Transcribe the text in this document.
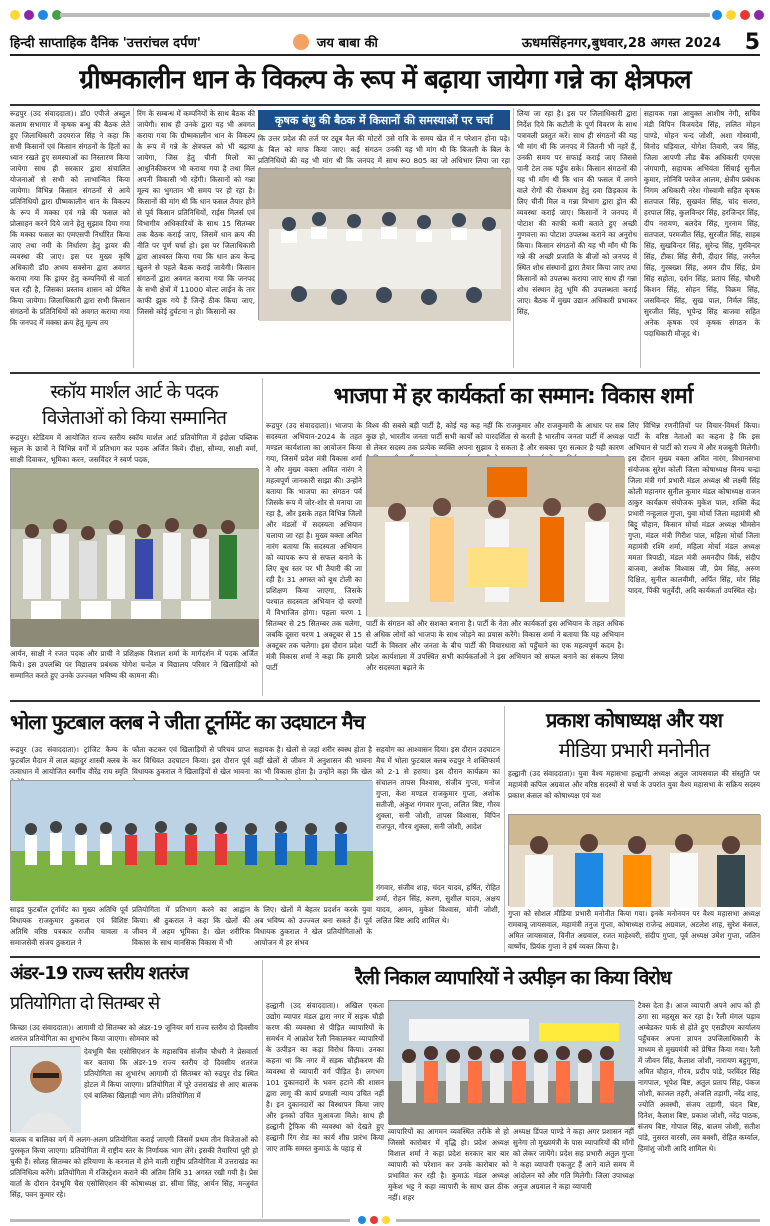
हिन्दी साप्ताहिक दैनिक 'उत्तरांचल दर्पण'	जय बाबा की	ऊधमसिंहनगर,बुधवार,28 अगस्त 2024	5
ग्रीष्मकालीन धान के विकल्प के रूप में बढ़ाया जायेगा गन्ने का क्षेत्रफल
रूद्रपुर (उद संवाददाता)। डॉ0 एपीजे अब्दुल कलाम सभागार में कृषक बन्धु की बैठक लेते हुए जिलाधिकारी उदयराज सिंह ने कहा कि सभी किसानों एवं किसान संगठनों के हितों का ध्यान रखते हुए समस्याओं का निस्तारण किया जायेगा साथ ही सरकार द्वारा संचालित योजनाओं से सभी को लाभान्वित किया जायेगा। विभिन्न किसान संगठनों से आये प्रतिनिधियों द्वारा ग्रीष्मकालीन धान के विकल्प के रूप में मक्का एवं गन्ने की फसल को प्रोत्साहन करने दिये जाने हेतु सुझाव दिया गया कि मक्का फसल का एमएसपी निर्धारित किया जाए तथा नमी के निर्धारण हेतु ड्रायर की व्यवस्था की जाए। इस पर मुख्य कृषि अधिकारी डॉ0 अभय सक्सेना द्वारा अवगत कराया गया कि ड्रायर हेतु कम्पनियों से वार्ता चल रही है, जिसका प्रस्ताव शासन को प्रेषित किया जायेगा। जिलाधिकारी द्वारा सभी किसान संगठनों के प्रतिनिधियों को अवगत कराया गया कि जनपद में मक्का क्रय हेतु मूल्य तय
रिंग के सम्बन्ध में कम्पनियों के साथ बैठक की जायेगी। साथ ही उनके द्वारा यह भी अवगत कराया गया कि ग्रीष्मकालीन धान के विकल्प के रूप में गन्ने के क्षेत्रफल को भी बढ़ाया जायेगा, जिस हेतु चीनी मिलों का आधुनिकीकरण भी कराया गया है तथा मिल अपनी विकासी भी रहेंगी। किसानों को गन्ना मूल्य का भुगतान भी समय पर हो रहा है। किसानों की मांग थी कि धान फसल तैयार होने से पूर्व किसान प्रतिनिधियों, राईस मिलर्स एवं विभागीय अधिकारियों के साथ 15 सितम्बर तक बैठक कराई जाए, जिसमें धान क्रय की नीति पर पूर्ण चर्चा हो। इस पर जिलाधिकारी द्वारा आश्वस्त किया गया कि धान क्रय केन्द्र खुलने से पहले बैठक कराई जायेगी। किसान संगठनों द्वारा अवगत कराया गया कि जनपद के सभी क्षेत्रों में 11000 वोल्ट लाईन के तार काफी झुक गये हैं जिन्हें ठीक किया जाए, जिससे कोई दुर्घटना न हो। किसानों का
कृषक बंधु की बैठक में किसानों की समस्याओं पर चर्चा
कि उत्तर प्रदेश की तर्ज पर ट्यूब वैल की मोटरों के बिल को माफ किया जाए। कई संगठन प्रतिनिधियों की यह भी मांग थी कि जनपद में
उसे रात्रि के समय खेत में न परेशान होना पड़े। उनकी यह भी मांग थी कि बिजली के बिल के साथ रू0 805 का जो अधिभार लिया जा रहा
लिया जा रहा है। इस पर जिलाधिकारी द्वारा निर्देश दिये कि कटौती के पूर्ण विवरण के साथ पत्रावली प्रस्तुत करें। साथ ही संगठनों की यह भी मांग थी कि जनपद में जितनी भी नहरें हैं, उनकी समय पर सफाई कराई जाए जिससे पानी टेल तक पहुँच सके। किसान संगठनों की यह भी माँग थी कि धान की फसल में लगने वाले रोगों की रोकथाम हेतु दवा छिड़काव के लिए चीनी मिल व गन्ना विभाग द्वारा ड्रोन की व्यवस्था कराई जाए। किसानों ने जनपद में पोटाश की काफी कमी बताते हुए अच्छी गुणवत्ता का पोटाश उपलब्ध कराने का अनुरोध किया। किसान संगठनों की यह भी माँग थी कि गन्ने की अच्छी प्रजाति के बीजों को जनपद में स्थित शोध संस्थानों द्वारा तैयार किया जाए तथा किसानों को उपलब्ध कराया जाए साथ ही गन्ना शोध संस्थान हेतु भूमि की उपलब्धता कराई जाए। बैठक में मुख्य उद्यान अधिकारी प्रभाकर सिंह,
सहायक गन्ना आयुक्त आशीष नेगी, सचिव मंडी विपिन विजयदेव सिंह, ललित मोहन पाण्डे, मोहन चन्द जोशी, अशा गोस्वामी, विनोद घड़ियाल, योगेश तिवारी, जय सिंह, जिला आपणी लीड बैंक अधिकारी एमएस जंगपागी, सहायक अभियंता सिंचाई सुनील कुमार, लोनिवि परवेज आलम, क्षेत्रीय प्रबंधक निगम अधिकारी नरेश गोस्वामी सहित कृषक सतपाल सिंह, सुखवंत सिंह, चांद सलरा, हरपाल सिंह, कुलविन्दर सिंह, हरजिन्दर सिंह, दीप नरायण, बलदेव सिंह, गुरनाम सिंह, सतपाल, परमजीत सिंह, सुरजीत सिंह, साहब सिंह, सुखविन्दर सिंह, सुरेन्द्र सिंह, गुरविन्दर सिंह, टीका सिंह सैनी, दीदार सिंह, जरनैल सिंह, गुरबख्श सिंह, अमन दीप सिंह, प्रेम सिंह सहोता, दर्शन सिंह, प्रताप सिंह, चौधरी किशन सिंह, सोहन सिंह, विक्रम सिंह, जसविन्दर सिंह, सुख पाल, निर्मल सिंह, सुरजीत सिंह, भूपेन्द्र सिंह बाजवा सहित अनेक कृषक एवं कृषक संगठन के पदाधिकारी मौजूद थे।
स्कॉय मार्शल आर्ट के पदक
विजेताओं को किया सम्मानित
रूद्रपुर। स्टेडियम में आयोजित राज्य स्तरीय स्कॉय मार्शल आर्ट प्रतियोगिता में इंदोला पब्लिक स्कूल के छात्रों ने विभिन्न वर्गों में प्रतिभाग कर पदक अर्जित किये। दीक्षा, सौम्या, साक्षी वर्मा, साक्षी दिवाकर, भूमिका करन, जसविंदर ने स्वर्ण पदक,
आर्यन, साक्षी ने रजत पदक और प्राची ने प्रशिक्षक विशाल शर्मा के मार्गदर्शन में पदक अर्जित किये। इस उपलब्धि पर विद्यालय प्रबंधक योगेश चन्देल व विद्यालय परिवार ने खिलाड़ियों को सम्मानित करते हुए उनके उज्ज्वल भविष्य की कामना की।
भाजपा में हर कार्यकर्ता का सम्मान: विकास शर्मा
रूद्रपुर (उद संवाददाता)। भाजपा के सदस्यता अभियान-2024 के तहत मण्डल कार्यशाला का आयोजन किया गया, जिसमें प्रदेश मंत्री विकास शर्मा ने और मुख्य वक्ता अमित नारंग ने महत्वपूर्ण जानकारी साझा की। उन्होंने बताया कि भाजपा का संगठन पर्व जिसके रूप में जोर-शोर से मनाया जा रहा है, और इसके तहत विभिन्न जिलों और मंडलों में सदस्यता अभियान चलाया जा रहा है। मुख्य वक्ता अमित नारंग बताया कि सदस्यता अभियान को व्यापक रूप से सफल बनाने के लिए बूथ स्तर पर भी तैयारी की जा रही है। 31 अगस्त को बूथ टोली का प्रशिक्षण किया जाएगा, जिसके पश्चात सदस्यता अभियान दो चरणों में विभाजित होगा। पहला चरण 1 सितम्बर से 25 सितम्बर तक चलेगा, जबकि दूसरा चरण 1 अक्टूबर से 15 अक्टूबर तक चलेगा। इस दौरान प्रदेश मंत्री विकास शर्मा ने कहा कि हमारी पार्टी
विश्व की सबसे बड़ी पार्टी है, कोई यह कह नहीं कि राजकुमार और राजकुमारी के आधार पर सब कुछ हो, भारतीय जनता पार्टी सभी कार्यों को पारदर्शिता से करती है भारतीय जनता पार्टी में अध्यक्ष से लेकर सदस्य तक प्रत्येक व्यक्ति अपना सुझाव दे सकता है और सबका पूरा सत्कार है यही कारण
पार्टी के संगठन को और सशक्त बनाना है। पार्टी के नेता और कार्यकर्ता इस अभियान के तहत अधिक से अधिक लोगों को भाजपा के साथ जोड़ने का प्रयास करेंगे। विकास शर्मा ने बताया कि यह अभियान पार्टी के विस्तार और जनता के बीच पार्टी की विचारधारा को पहुँचाने का एक महत्वपूर्ण कदम है। प्रदेश कार्यशाला में उपस्थित सभी कार्यकर्ताओं ने इस अभियान को सफल बनाने का संकल्प लिया और सदस्यता बढ़ाने के
लिए विभिन्न रणनीतियों पर विचार-विमर्श किया। पार्टी के वरिष्ठ नेताओं का कहना है कि इस अभियान से पार्टी को राज्य में और मजबूती मिलेगी। इस दौरान मुख्य वक्ता अमित नारंग, विधानसभा संयोजक सुरेश कोली जिला कोषाध्यक्ष विनय चन्द्रा जिला मंत्री गर्ग प्रभारी मंडल अध्यक्ष श्री लक्ष्मी सिंह कोली महानगर सुनील कुमार मंडल कोषाध्यक्ष राजन ठाकुर कार्यक्रम संयोजक मुकेश पाल, शक्ति केंद्र प्रभारी नन्हूलाल गुप्ता, युवा मोर्चा जिला महामंत्री श्री बिट्टू चौहान, किसान मोर्चा मंडल अध्यक्ष भीमसेन गुप्ता, मंडल मंत्री गिरीश पाल, महिला मोर्चा जिला महामंत्री रश्मि शर्मा, महिला मोर्चा मंडल अध्यक्ष ममता त्रिपाठी, मंडल मंत्री अमनदीप विर्क, संदीप बाजवा, अशोक विश्वास जी, प्रेम सिंह, अरुण दिक्षित, सुनील कालवीमी, अर्पित सिंह, मोर सिंह यादव, पिंकी चतुर्वेदी, अदि कार्यकर्ता उपस्थित रहे।
भोला फुटबाल क्लब ने जीता टूर्नामेंट का उदघाटन मैच
रूद्रपुर (उद संवाददाता)। ट्रांजिट कैम्प के फुटबॉल मैदान में लाल बहादुर शास्त्री क्लब के तत्वाधान में आयोजित स्वर्गीय वीरेंद्र राय स्मृति
फौता कटकर एवं खिलाड़ियों से परिचय प्राप्त कर विधिवत उदघाटन किया। इस दौरान पूर्व विधायक ठुकराल ने खिलाड़ियों से खेल भावना
सहायक है। खेलों से जहां शरीर स्वस्थ होता है वहीं खेलों से जीवन में अनुशासन की भावना का भी विकास होता है। उन्होंने कहा कि खेल
सहयोग का आश्वासन दिया। इस दौरान उदघाटन मैच में भोला फुटबाल क्लब रुद्रपुर ने शक्तिफार्म को 2-1 से हराया। इस दौरान कार्यक्रम का संचालन तापस विश्वास, संजीव गुप्ता, मनोज गुप्ता, केश मण्डल राजकुमार गुप्ता, अशोक सतीजी, अंकुश गंगवार गुप्ता, ललित बिष्ट, गौरव शुक्ला, सनी जोशी, तापस विश्वास, विपिन राजपूत, गौरव शुक्ला, सनी जोशी, आदेश
साइड फुटबॉल टूर्नामेंट का मुख्य अतिथि पूर्व विधायक राजकुमार ठुकराल एवं विशिष्ट अतिथि वरिष्ठ पत्रकार राजीव चावला व समाजसेवी संजय ठुकराल ने
प्रतियोगिता में प्रतिभाग करने का आह्वान किया। श्री ठुकराल ने कहा कि खेलों की जीवन में अहम भूमिका है। खेल शरीरिक विकास के साथ मानसिक विकास में भी
के लिए। खेलों में बेहतर प्रदर्शन करके युवा अब भविष्य को उज्ज्वल बना सकते हैं। पूर्व विधायक ठुकराल ने खेल प्रतियोगिताओं के आयोजन में हर संभव
गंगवार, संजीव शाह, चंदन यादव, हर्षित, रोहित शर्मा, रोहन सिंह, करण, सुशील यादव, अक्षय यादव, अमन, मुकेश विश्वास, मोनी जोशी, ललित बिष्ट आदि शामिल थे।
प्रकाश कोषाध्यक्ष और यश
मीडिया प्रभारी मनोनीत
हल्द्वानी (उद संवाददाता)। युवा वैश्य महासभा हल्द्वानी अध्यक्ष अतुल जायसवाल की संस्तुति पर महामंत्री कपिल अग्रवाल और वरिष्ठ सदस्यों से चर्चा के उपरांत युवा वैश्य महासभा के सक्रिय सदस्य प्रकाश कंसल को कोषाध्यक्ष एवं यश
गुप्ता को सोशल मीडिया प्रभारी मनोनीत किया गया। इनके मनोनयन पर वैश्य महासभा अध्यक्ष रामबाबू जायसवाल, महामंत्री तनुज गुप्ता, कोषाध्यक्ष राजेन्द्र अग्रवाल, अटलेश शाह, सुरेश कंसल, अमित जायसवाल, विनीत अग्रवाल, रजत माहेश्वरी, संदीप गुप्ता, पूर्व अध्यक्ष उमेश गुप्ता, जतिन वार्ष्णेय, प्रियंक गुप्ता ने हर्ष व्यक्त किया है।
अंडर-19 राज्य स्तरीय शतरंज
प्रतियोगिता दो सितम्बर से
किच्छा (उद संवाददाता)। आगामी दो सितम्बर को अंडर-19 जूनियर वर्ग राज्य स्तरीय दो दिवसीय शतरंज प्रतियोगिता का शुभारंभ किया जाएगा। सोमवार को
देवभूमि चैस एसोसिएशन के महासचिव संजीव चौधरी ने प्रेसवार्ता कर बताया कि अंडर-19 राज्य स्तरीय दो दिवसीय शतरंज प्रतियोगिता का शुभारंभ आगामी दो सितम्बर को रुद्रपुर रोड स्थित होटल में किया जाएगा। प्रतियोगिता में पूरे उत्तराखंड से आए बालक एवं बालिका खिलाड़ी भाग लेंगे। प्रतियोगिता में
बालक व बालिका वर्ग में अलग-अलग प्रतियोगिता कराई जाएगी जिसमें प्रथम तीन विजेताओं को पुरस्कृत किया जाएगा। प्रतियोगिता में राष्ट्रीय स्तर के निर्णायक भाग लेंगे। इसकी तैयारियां पूरी हो चुकी हैं। सोलह सितम्बर को हरियाणा के करनाल में होने वाली राष्ट्रीय प्रतियोगिता में उत्तराखंड का प्रतिनिधित्व करेंगे। प्रतियोगिता में रजिस्ट्रेशन कराने की अंतिम तिथि 31 अगस्त रखी गयी है। प्रेस वार्ता के दौरान देवभूमि चैस एसोसिएशन की कोषाध्यक्ष डा. सीमा सिंह, आर्यन सिंह, मन्जुवंत सिंह, पवन कुमार रहे।
रैली निकाल व्यापारियों ने उत्पीड़न का किया विरोध
हल्द्वानी (उद संवाददाता)। अखिल एकता उद्योग व्यापार मंडल द्वारा नगर में सड़क चौड़ी करण की व्यवस्था से पीड़ित व्यापारियों के समर्थन में आक्रोश रैली निकालकर व्यापारियों के उत्पीड़न का कड़ा विरोध किया। उनका कहना था कि नगर में सड़क चौड़ीकरण की व्यवस्था से व्यापारी वर्ग पीड़ित है। लगभग 101 दुकानदारों के भवन हटाने की शासन द्वारा लागू की कार्य प्रणाली न्याय उचित नहीं है। इन दुकानदारों का विस्थापन किया जाए और इनको उचित मुआवजा मिले। साथ ही हल्द्वानी ट्रैफिक की व्यवस्था को देखते हुए हल्द्वानी रिंग रोड का कार्य शीघ्र प्रारंभ किया जाए ताकि समस्त कुमाऊं के पहाड़ से
व्यापारियों का आगमन व्यवस्थित तरीके से हो जिससे कारोबार में वृद्धि हो। प्रदेश अध्यक्ष विशाल शर्मा ने कहा प्रदेश सरकार बार बार व्यापारी को परेशान कर उनके कारोबार को प्रभावित कर रही है। कुमाऊं मंडल अध्यक्ष मुकेश भट्ट ने कहा व्यापारी के साथ छल ठीक नहीं। शहर
अध्यक्ष डिंपल पाण्डे ने कहा अगर प्रशासन नहीं सुनेगा तो मुख्यमंत्री के पास व्यापारियों की माँगों को लेकर जायेंगे। प्रदेश सह प्रभारी अतुल गुप्ता ने कहा व्यापारी एकजुट हैं आने वाले समय में आंदोलन को और गति मिलेगी। जिला उपाध्यक्ष अनुज अग्रवाल ने कहा व्यापारी
टैक्स देता है। आज व्यापारी अपने आप को ही ठगा सा महसूस कर रहा है। रैली मंगल पड़ाव अम्बेडकर पार्क से होते हुए एसडीएम कार्यालय पहुँचकर अपना ज्ञापन उपजिलाधिकारी के माध्यम से मुख्यमंत्री को प्रेषित किया गया। रैली में जीवन सिंह, कैलाश जोशी, नारायण बहुगुणा, अमित चौहान, गौरव, प्रदीप पांडे, परविंदर सिंह नागपाल, भूपेश बिष्ट, अतुल प्रताप सिंह, पंकज जोशी, काजल तहरी, अंजलि तड़ागी, नरेंद्र शाह, ज्योति अवस्थी, संजय तड़ागी, चंदन बिष्ट, दिनेश, कैलाश बिष्ट, प्रकाश जोशी, नरेंद्र पाठक, संजय बिष्ट, गोपाल सिंह, बालम जोशी, सतीश पांडे, नुसरत वारसी, लव बक्शी, रोहित कर्म्याल, हिमांशु जोशी आदि शामिल थे।
